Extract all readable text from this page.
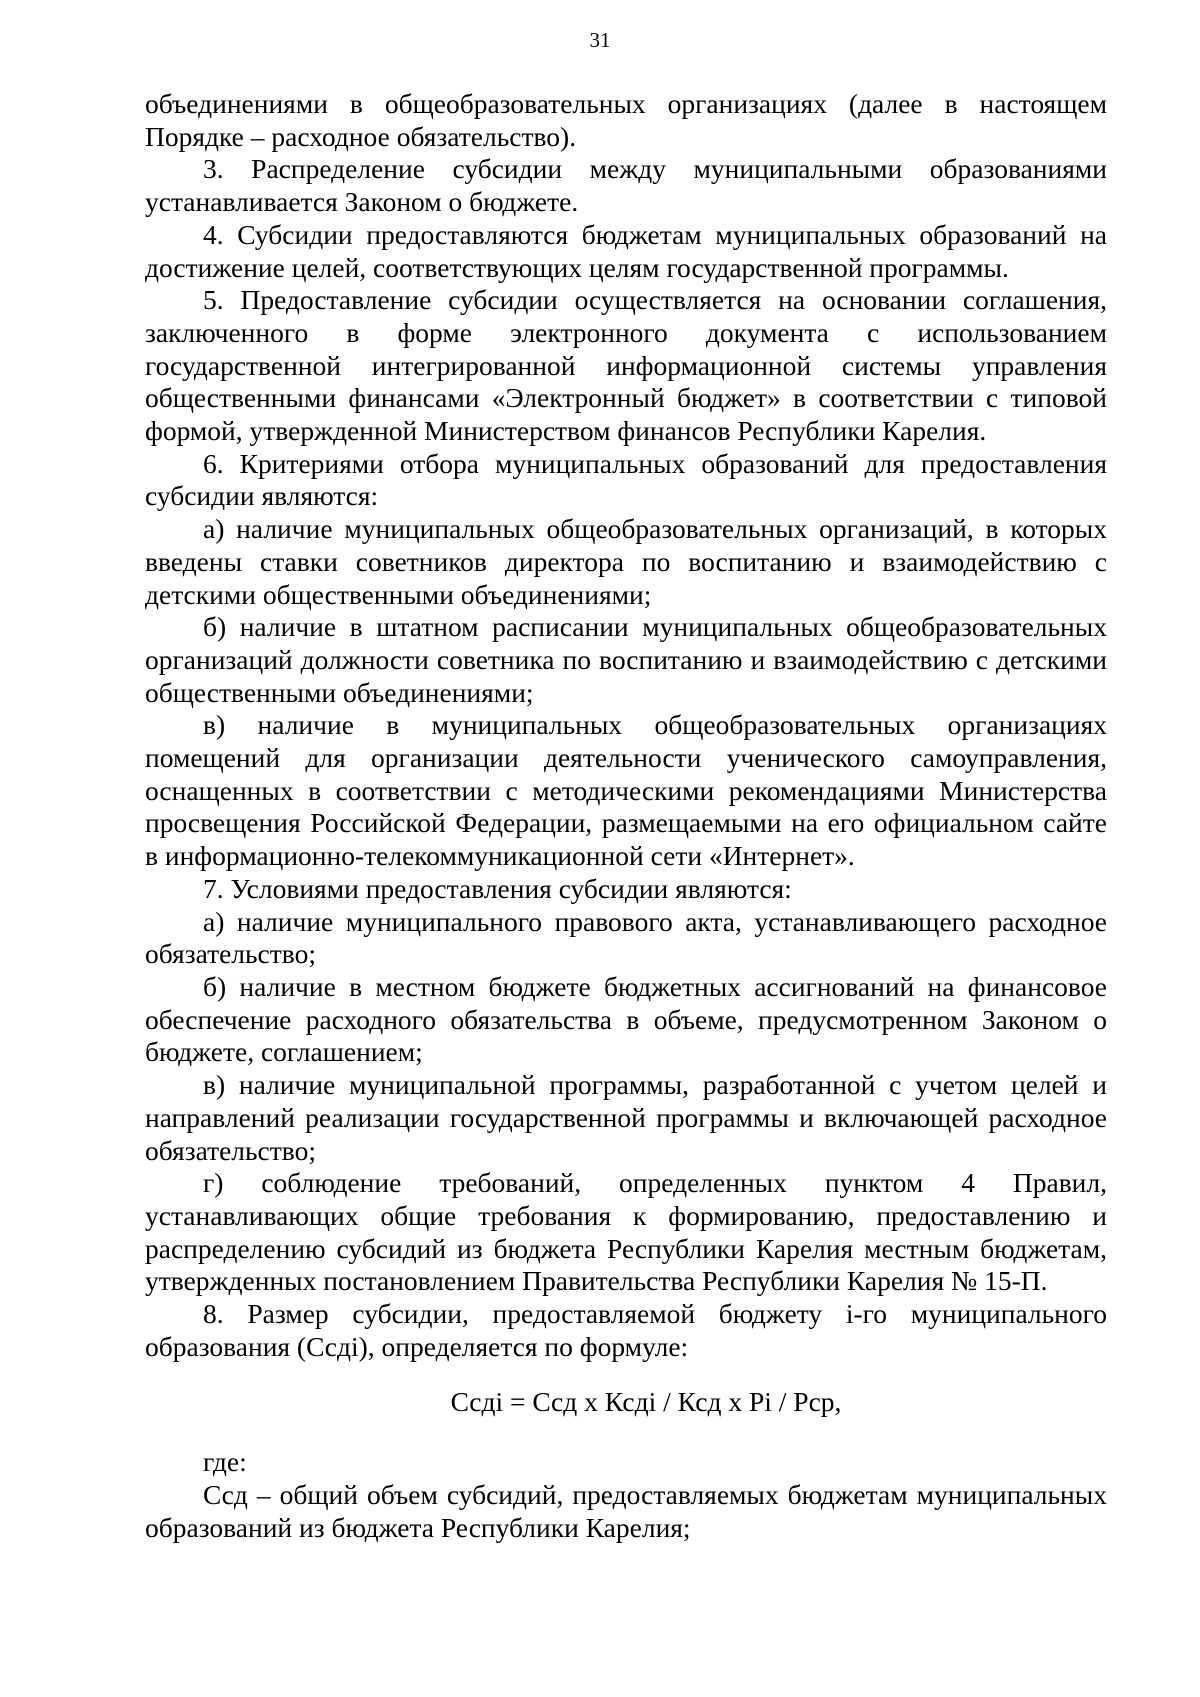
31

объединениями в общеобразовательных организациях (далее в настоящем Порядке – расходное обязательство).

3. Распределение субсидии между муниципальными образованиями устанавливается Законом о бюджете.

4. Субсидии предоставляются бюджетам муниципальных образований на достижение целей, соответствующих целям государственной программы.

5. Предоставление субсидии осуществляется на основании соглашения, заключенного в форме электронного документа с использованием государственной интегрированной информационной системы управления общественными финансами «Электронный бюджет» в соответствии с типовой формой, утвержденной Министерством финансов Республики Карелия.

6. Критериями отбора муниципальных образований для предоставления субсидии являются:

а) наличие муниципальных общеобразовательных организаций, в которых введены ставки советников директора по воспитанию и взаимодействию с детскими общественными объединениями;

б) наличие в штатном расписании муниципальных общеобразовательных организаций должности советника по воспитанию и взаимодействию с детскими общественными объединениями;

в) наличие в муниципальных общеобразовательных организациях помещений для организации деятельности ученического самоуправления, оснащенных в соответствии с методическими рекомендациями Министерства просвещения Российской Федерации, размещаемыми на его официальном сайте в информационно-телекоммуникационной сети «Интернет».

7. Условиями предоставления субсидии являются:

а) наличие муниципального правового акта, устанавливающего расходное обязательство;

б) наличие в местном бюджете бюджетных ассигнований на финансовое обеспечение расходного обязательства в объеме, предусмотренном Законом о бюджете, соглашением;

в) наличие муниципальной программы, разработанной с учетом целей и направлений реализации государственной программы и включающей расходное обязательство;

г) соблюдение требований, определенных пунктом 4 Правил, устанавливающих общие требования к формированию, предоставлению и распределению субсидий из бюджета Республики Карелия местным бюджетам, утвержденных постановлением Правительства Республики Карелия № 15-П.

8. Размер субсидии, предоставляемой бюджету i-го муниципального образования (Ссдi), определяется по формуле:

Ссдi = Ссд x Ксдi / Ксд x Рi / Рср,

где:

Ссд – общий объем субсидий, предоставляемых бюджетам муниципальных образований из бюджета Республики Карелия;
